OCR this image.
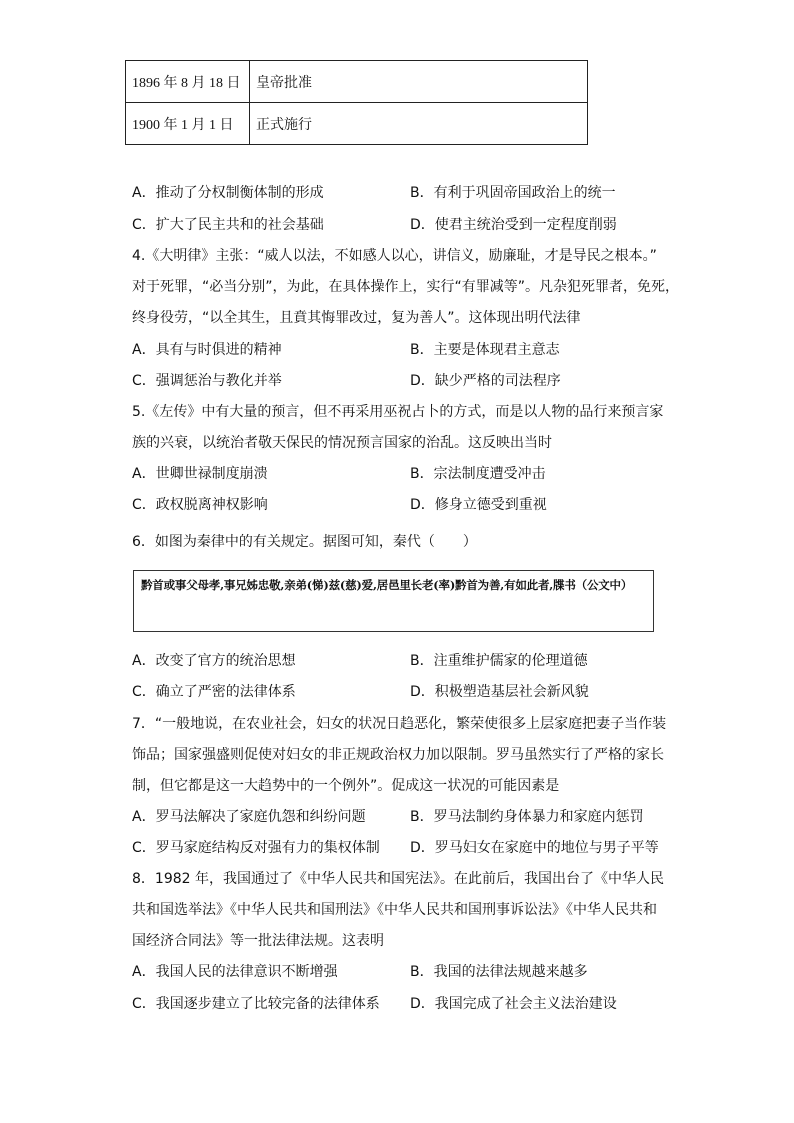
1896 年 8 月 18 日	皇帝批准
1900 年 1 月 1 日	正式施行
A．推动了分权制衡体制的形成	B．有利于巩固帝国政治上的统一
C．扩大了民主共和的社会基础	D．使君主统治受到一定程度削弱
4.《大明律》主张：“威人以法，不如感人以心，讲信义，励廉耻，才是导民之根本。”
对于死罪，“必当分别”，为此，在具体操作上，实行“有罪减等”。凡杂犯死罪者，免死，
终身役劳，“以全其生，且賁其悔罪改过，复为善人”。这体现出明代法律
A．具有与时俱进的精神	B．主要是体现君主意志
C．强调惩治与教化并举	D．缺少严格的司法程序
5.《左传》中有大量的预言，但不再采用巫祝占卜的方式，而是以人物的品行来预言家
族的兴衰，以统治者敬天保民的情况预言国家的治乱。这反映出当时
A．世卿世禄制度崩溃	B．宗法制度遭受冲击
C．政权脱离神权影响	D．修身立德受到重视
6．如图为秦律中的有关规定。据图可知，秦代（　　）
黔首或事父母孝,事兄姊忠敬,亲弟(悌)兹(慈)爱,居邑里长老(率)黔首为善,有如此者,牒书（公文中）
A．改变了官方的统治思想	B．注重维护儒家的伦理道德
C．确立了严密的法律体系	D．积极塑造基层社会新风貌
7．“一般地说，在农业社会，妇女的状况日趋恶化，繁荣使很多上层家庭把妻子当作装
饰品；国家强盛则促使对妇女的非正规政治权力加以限制。罗马虽然实行了严格的家长
制，但它都是这一大趋势中的一个例外”。促成这一状况的可能因素是
A．罗马法解决了家庭仇怨和纠纷问题	B．罗马法制约身体暴力和家庭内惩罚
C．罗马家庭结构反对强有力的集权体制 D．罗马妇女在家庭中的地位与男子平等
8．1982 年，我国通过了《中华人民共和国宪法》。在此前后，我国出台了《中华人民
共和国选举法》《中华人民共和国刑法》《中华人民共和国刑事诉讼法》《中华人民共和
国经济合同法》等一批法律法规。这表明
A．我国人民的法律意识不断增强	B．我国的法律法规越来越多
C．我国逐步建立了比较完备的法律体系 D．我国完成了社会主义法治建设
